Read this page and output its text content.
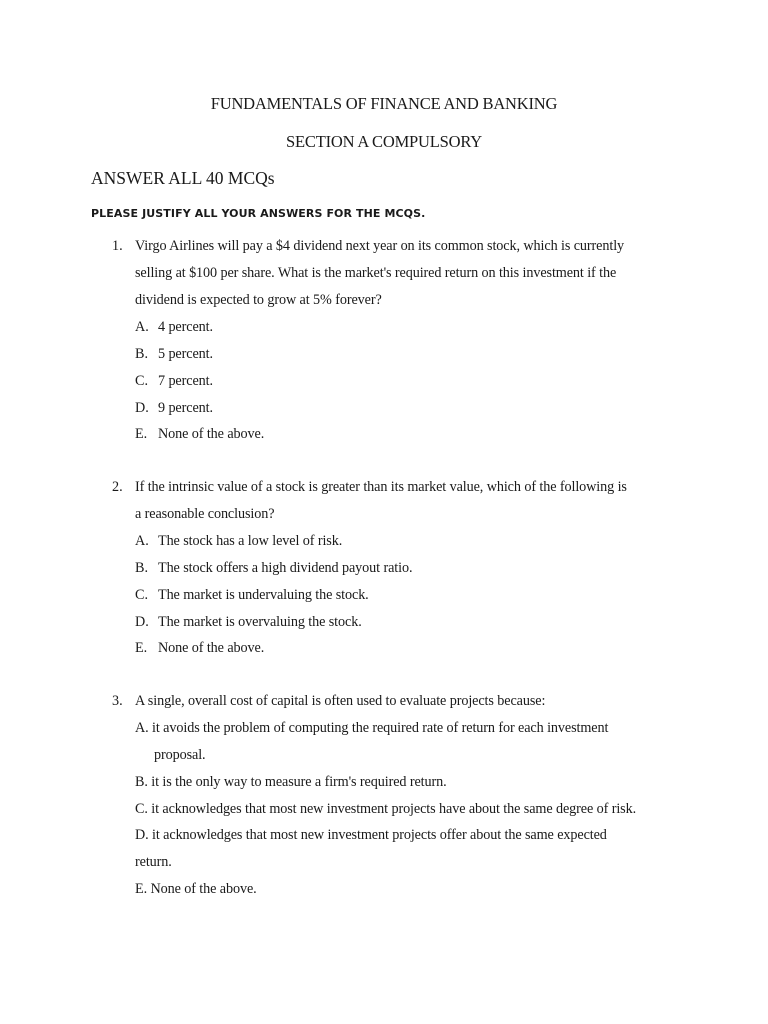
FUNDAMENTALS OF FINANCE AND BANKING
SECTION A COMPULSORY
ANSWER ALL 40 MCQs
PLEASE JUSTIFY ALL YOUR ANSWERS FOR THE MCQS.
1. Virgo Airlines will pay a $4 dividend next year on its common stock, which is currently
selling at $100 per share. What is the market's required return on this investment if the
dividend is expected to grow at 5% forever?
A. 4 percent.
B. 5 percent.
C. 7 percent.
D. 9 percent.
E. None of the above.
2. If the intrinsic value of a stock is greater than its market value, which of the following is
a reasonable conclusion?
A. The stock has a low level of risk.
B. The stock offers a high dividend payout ratio.
C. The market is undervaluing the stock.
D. The market is overvaluing the stock.
E. None of the above.
3. A single, overall cost of capital is often used to evaluate projects because:
A. it avoids the problem of computing the required rate of return for each investment
proposal.
B. it is the only way to measure a firm's required return.
C. it acknowledges that most new investment projects have about the same degree of risk.
D. it acknowledges that most new investment projects offer about the same expected
return.
E. None of the above.
